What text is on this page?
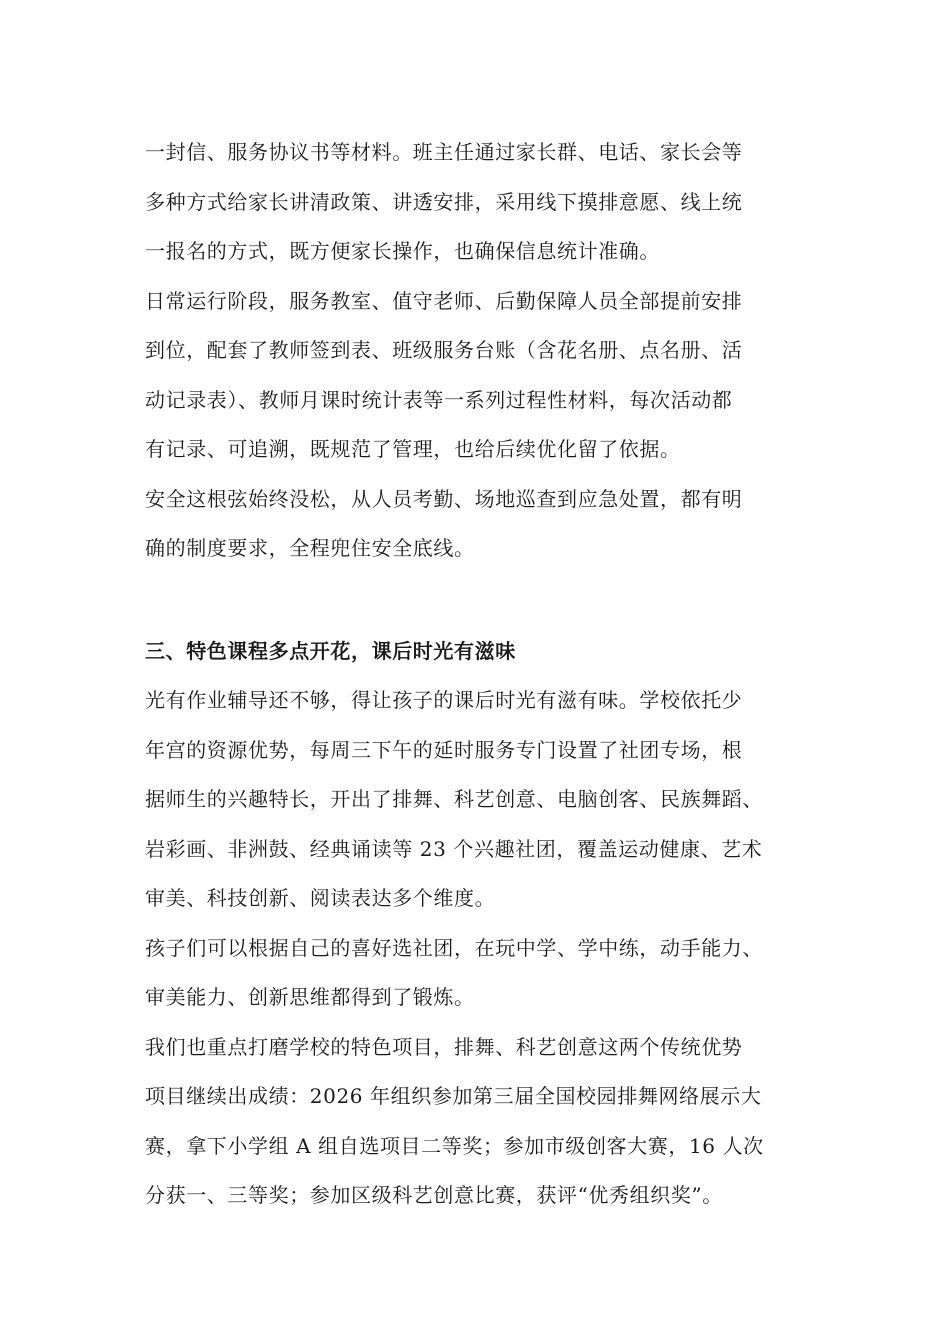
一封信、服务协议书等材料。班主任通过家长群、电话、家长会等
多种方式给家长讲清政策、讲透安排，采用线下摸排意愿、线上统
一报名的方式，既方便家长操作，也确保信息统计准确。

日常运行阶段，服务教室、值守老师、后勤保障人员全部提前安排
到位，配套了教师签到表、班级服务台账（含花名册、点名册、活
动记录表）、教师月课时统计表等一系列过程性材料，每次活动都
有记录、可追溯，既规范了管理，也给后续优化留了依据。

安全这根弦始终没松，从人员考勤、场地巡查到应急处置，都有明
确的制度要求，全程兜住安全底线。

三、特色课程多点开花，课后时光有滋味

光有作业辅导还不够，得让孩子的课后时光有滋有味。学校依托少
年宫的资源优势，每周三下午的延时服务专门设置了社团专场，根
据师生的兴趣特长，开出了排舞、科艺创意、电脑创客、民族舞蹈、
岩彩画、非洲鼓、经典诵读等 23 个兴趣社团，覆盖运动健康、艺术
审美、科技创新、阅读表达多个维度。

孩子们可以根据自己的喜好选社团，在玩中学、学中练，动手能力、
审美能力、创新思维都得到了锻炼。

我们也重点打磨学校的特色项目，排舞、科艺创意这两个传统优势
项目继续出成绩：2026 年组织参加第三届全国校园排舞网络展示大
赛，拿下小学组 A 组自选项目二等奖；参加市级创客大赛，16 人次
分获一、三等奖；参加区级科艺创意比赛，获评“优秀组织奖”。
